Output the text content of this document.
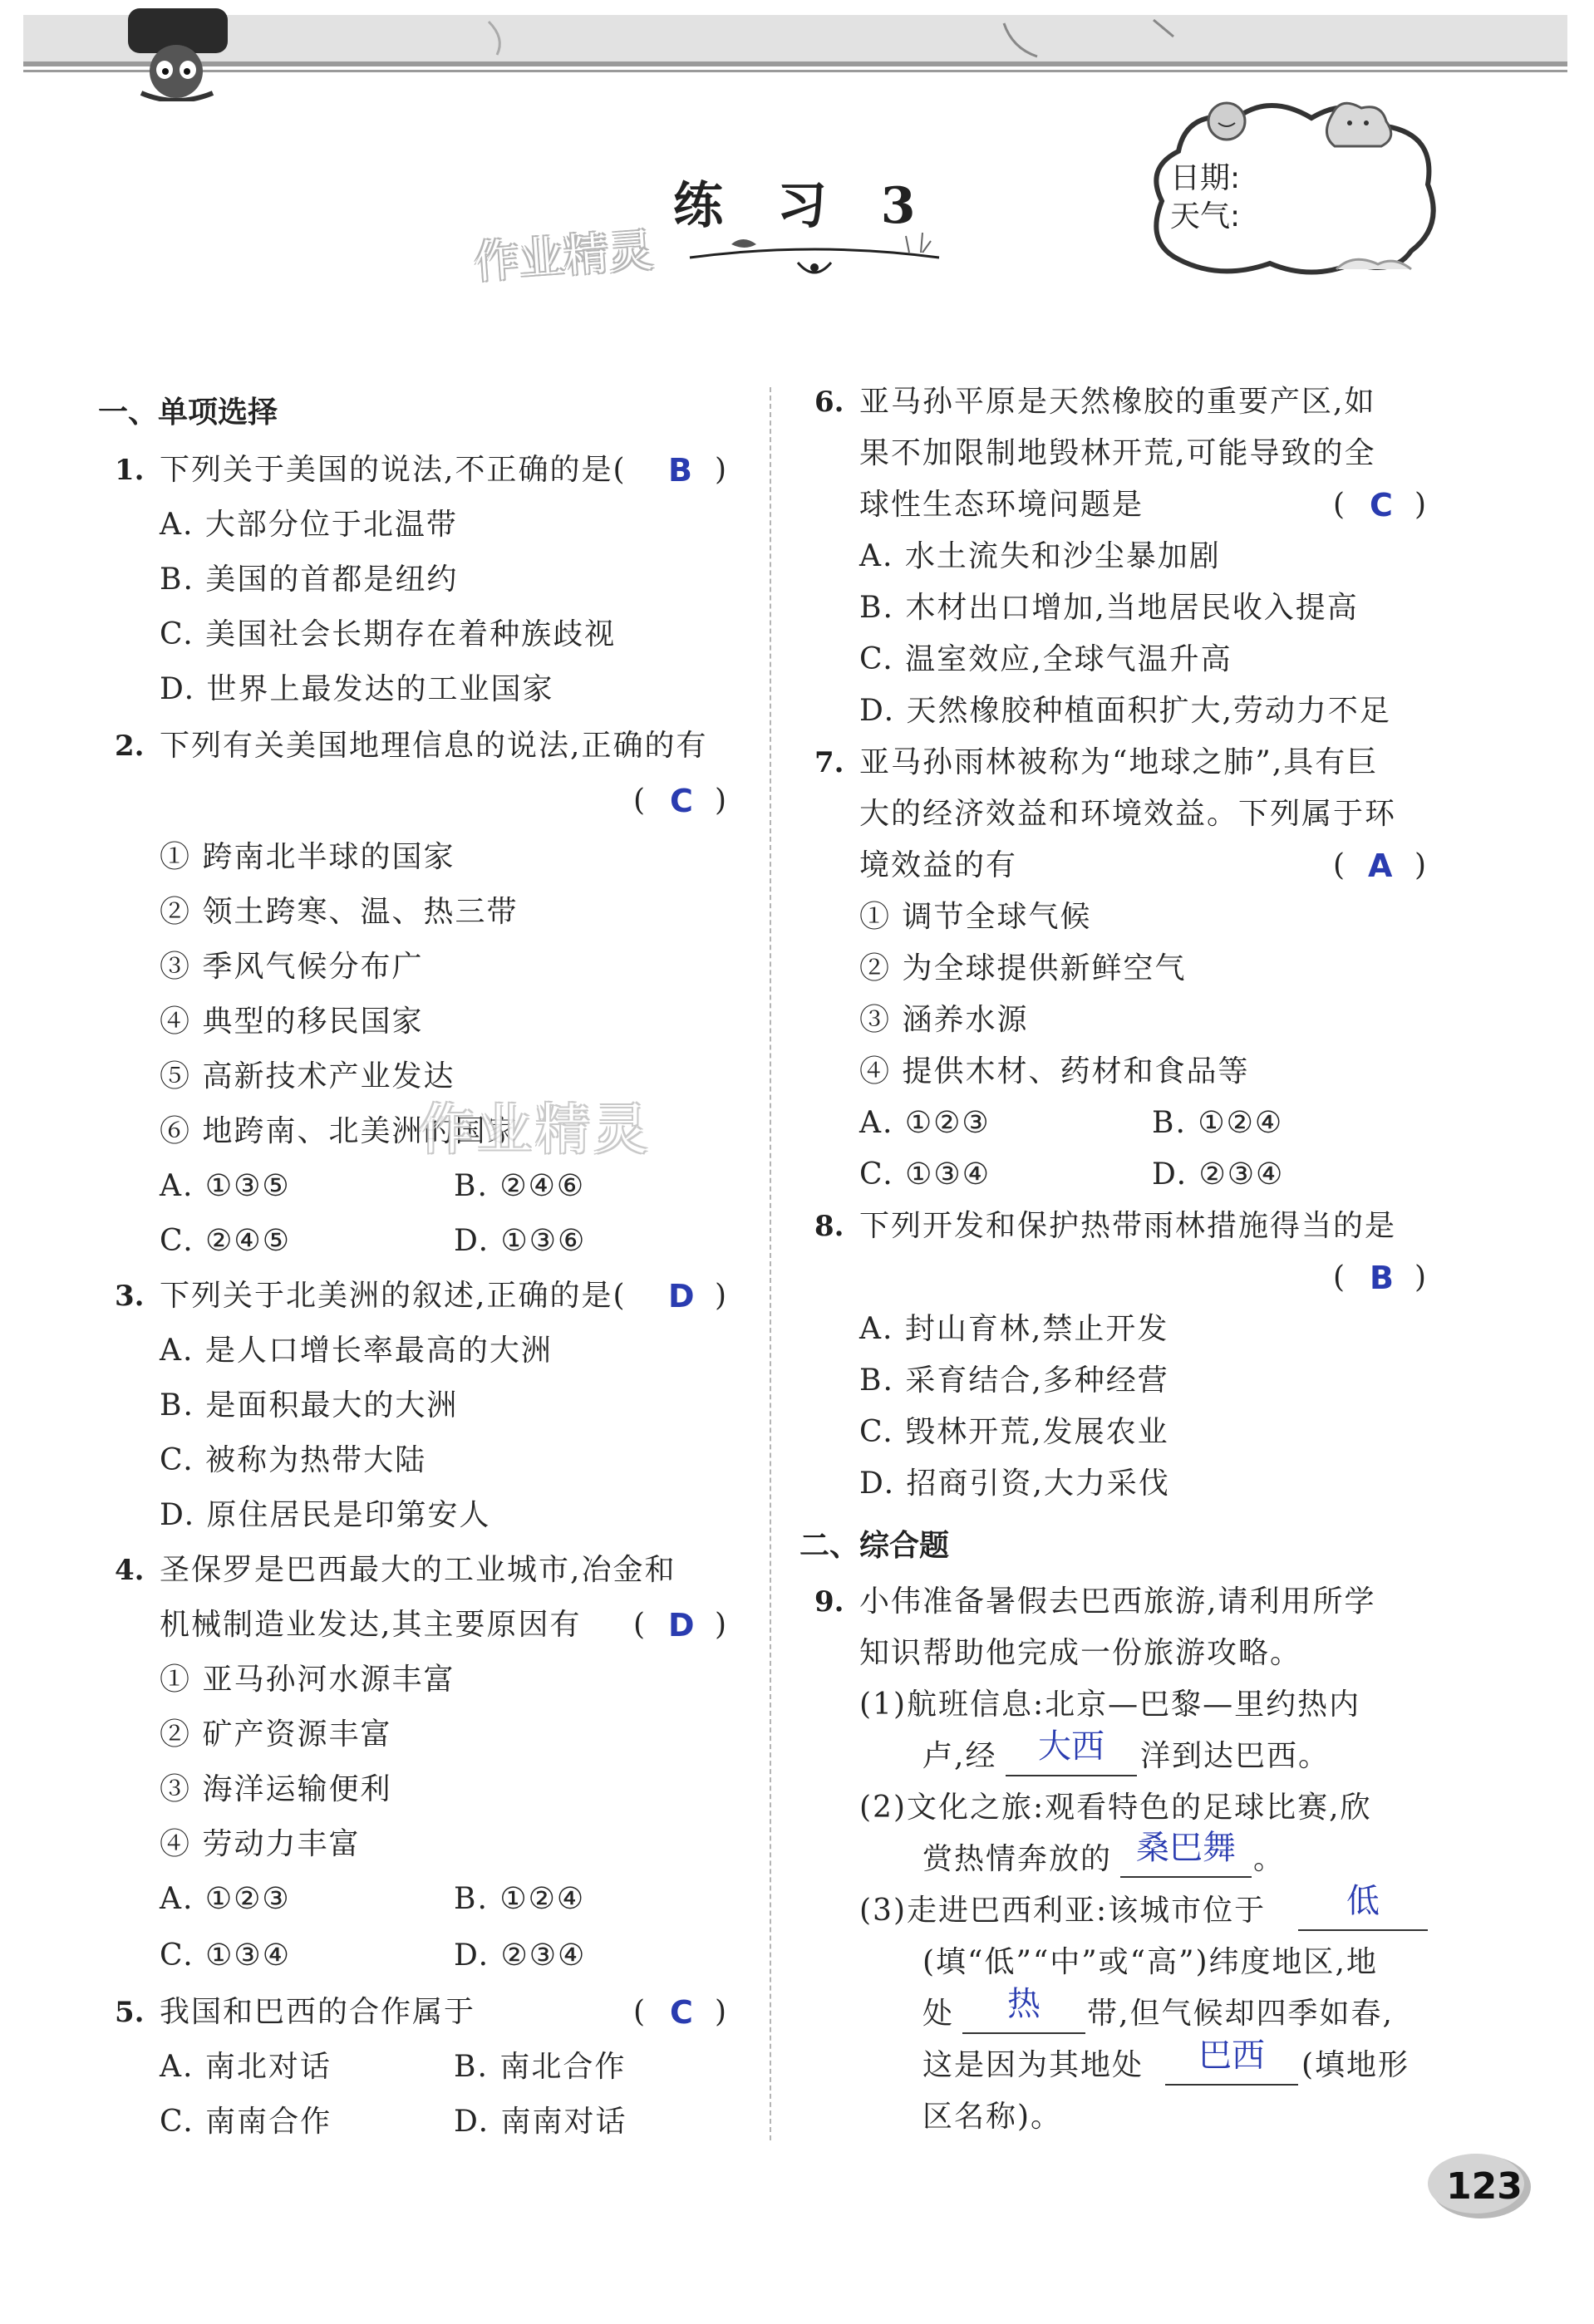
练 习 3
作业精灵
日期:
天气:
一、单项选择
1. 下列关于美国的说法,不正确的是( B )
A. 大部分位于北温带
B. 美国的首都是纽约
C. 美国社会长期存在着种族歧视
D. 世界上最发达的工业国家
2. 下列有关美国地理信息的说法,正确的有
( C )
① 跨南北半球的国家
② 领土跨寒、温、热三带
③ 季风气候分布广
④ 典型的移民国家
⑤ 高新技术产业发达
⑥ 地跨南、北美洲的国家
A. ①③⑤	B. ②④⑥
C. ②④⑤	D. ①③⑥
作业精灵
3. 下列关于北美洲的叙述,正确的是( D )
A. 是人口增长率最高的大洲
B. 是面积最大的大洲
C. 被称为热带大陆
D. 原住居民是印第安人
4. 圣保罗是巴西最大的工业城市,冶金和
机械制造业发达,其主要原因有 ( D )
① 亚马孙河水源丰富
② 矿产资源丰富
③ 海洋运输便利
④ 劳动力丰富
A. ①②③	B. ①②④
C. ①③④	D. ②③④
5. 我国和巴西的合作属于	( C )
A. 南北对话	B. 南北合作
C. 南南合作	D. 南南对话
6. 亚马孙平原是天然橡胶的重要产区,如
果不加限制地毁林开荒,可能导致的全
球性生态环境问题是	( C )
A. 水土流失和沙尘暴加剧
B. 木材出口增加,当地居民收入提高
C. 温室效应,全球气温升高
D. 天然橡胶种植面积扩大,劳动力不足
7. 亚马孙雨林被称为“地球之肺”,具有巨
大的经济效益和环境效益。下列属于环
境效益的有	( A )
① 调节全球气候
② 为全球提供新鲜空气
③ 涵养水源
④ 提供木材、药材和食品等
A. ①②③	B. ①②④
C. ①③④	D. ②③④
8. 下列开发和保护热带雨林措施得当的是
( B )
A. 封山育林,禁止开发
B. 采育结合,多种经营
C. 毁林开荒,发展农业
D. 招商引资,大力采伐
二、综合题
9. 小伟准备暑假去巴西旅游,请利用所学
知识帮助他完成一份旅游攻略。
(1)航班信息:北京—巴黎—里约热内
卢,经	大西	洋到达巴西。
(2)文化之旅:观看特色的足球比赛,欣
赏热情奔放的 桑巴舞 。
(3)走进巴西利亚:该城市位于	低
(填“低”“中”或“高”)纬度地区,地
处	热	带,但气候却四季如春,
这是因为其地处	巴西	(填地形
区名称)。
123
